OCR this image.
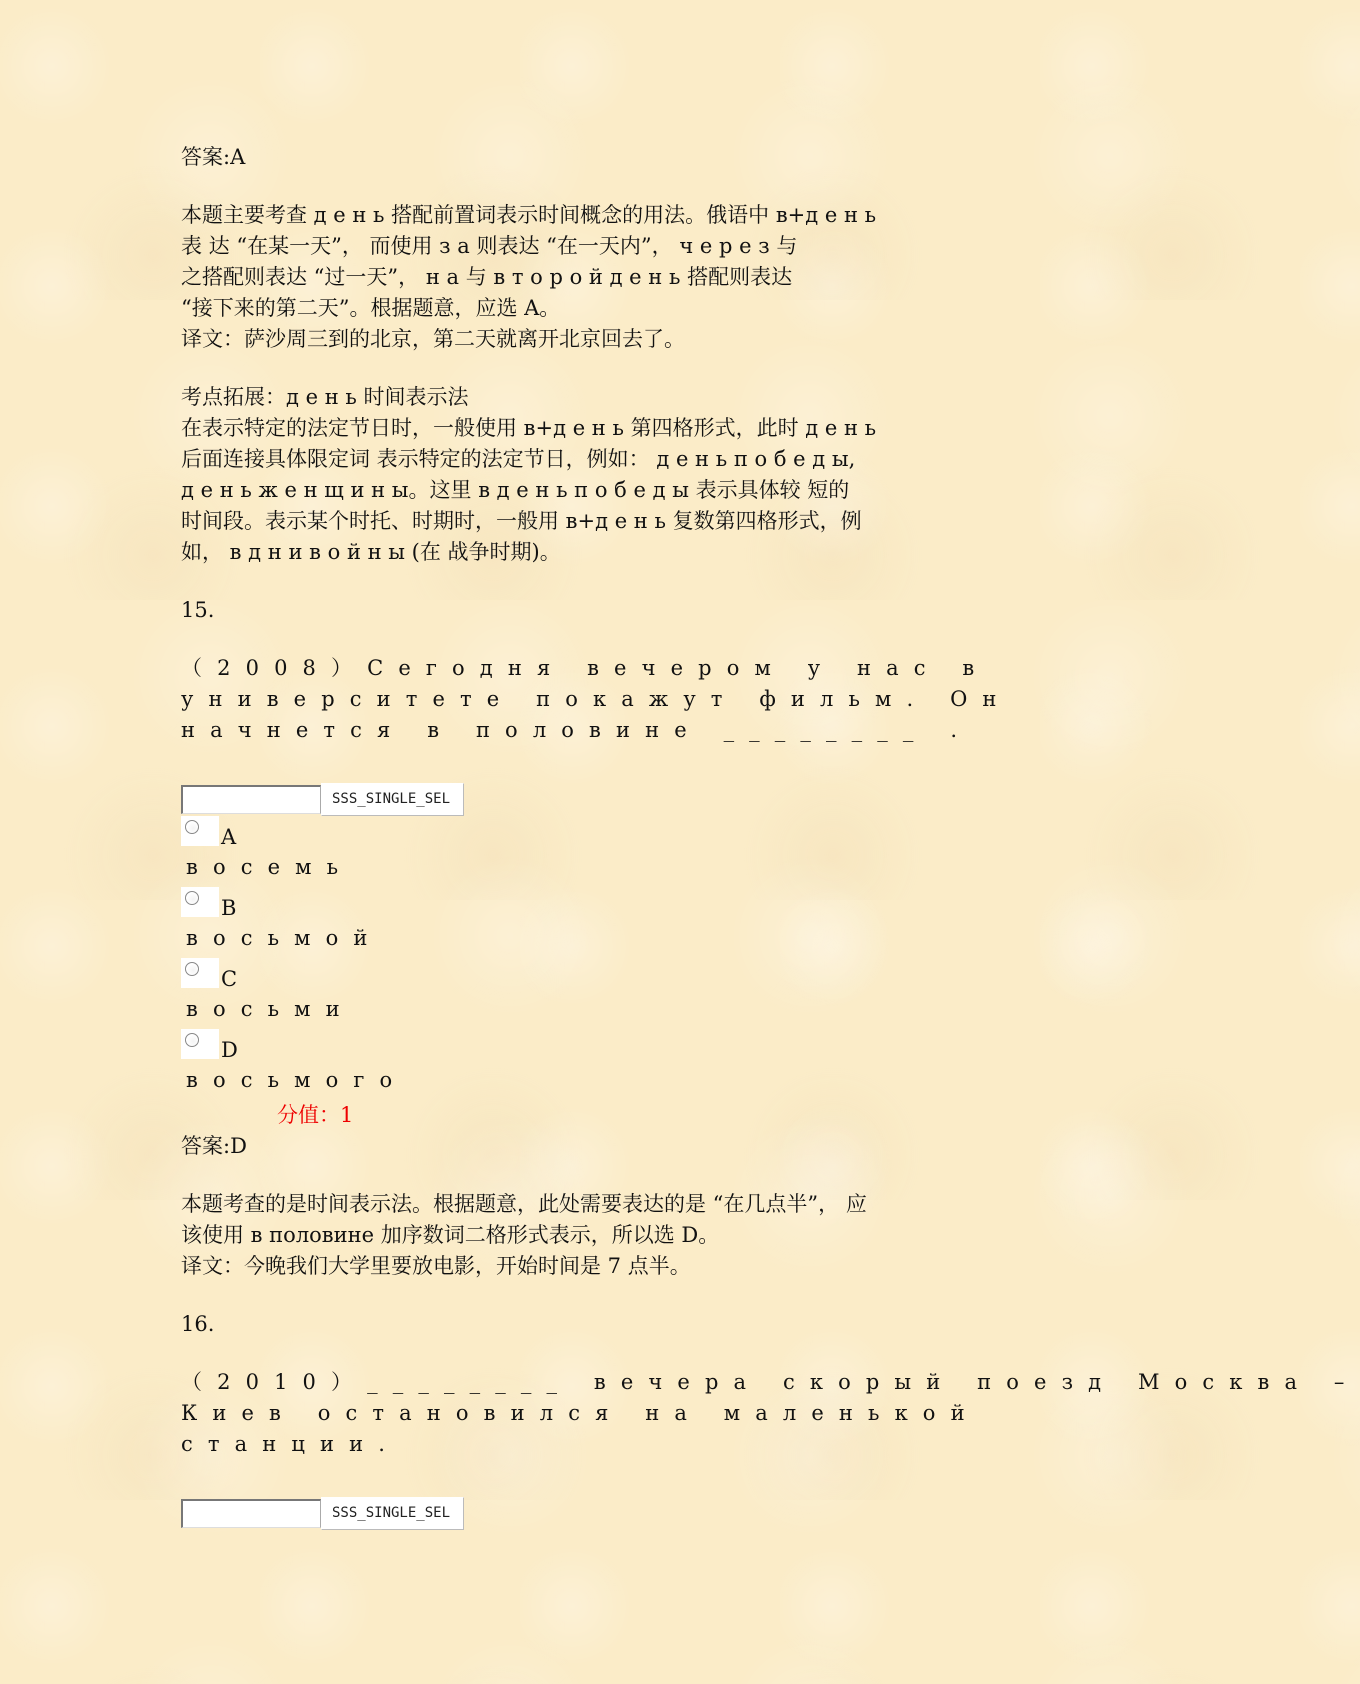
答案:A
本题主要考查 д е н ь 搭配前置词表示时间概念的用法。俄语中 в+д е н ь
表 达 “在某一天”， 而使用 з а 则表达 “在一天内”， ч е р е з 与
之搭配则表达 “过一天”， н а 与 в т о р о й д е н ь 搭配则表达
“接下来的第二天”。根据题意，应选 A。
译文：萨沙周三到的北京，第二天就离开北京回去了。
考点拓展：д е н ь 时间表示法
在表示特定的法定节日时，一般使用 в+д е н ь 第四格形式，此时 д е н ь
后面连接具体限定词 表示特定的法定节日，例如： д е н ь п о б е д ы,
д е н ь ж е н щ и н ы。这里 в д е н ь п о б е д ы 表示具体较 短的
时间段。表示某个时托、时期时，一般用 в+д е н ь 复数第四格形式，例
如， в д н и в о й н ы (在 战争时期)。
15.
（2008）Сегодня вечером у нас в
университете покажут фильм. Он
начнется в половине ________ .
SSS_SINGLE_SEL
A
восемь
B
восьмой
C
восьми
D
восьмого
分值：1
答案:D
本题考查的是时间表示法。根据题意，此处需要表达的是 “在几点半”， 应
该使用 в половине 加序数词二格形式表示，所以选 D。
译文：今晚我们大学里要放电影，开始时间是 7 点半。
16.
（2010）________ вечера скорый поезд Москва –
Киев остановился на маленькой
станции.
SSS_SINGLE_SEL
